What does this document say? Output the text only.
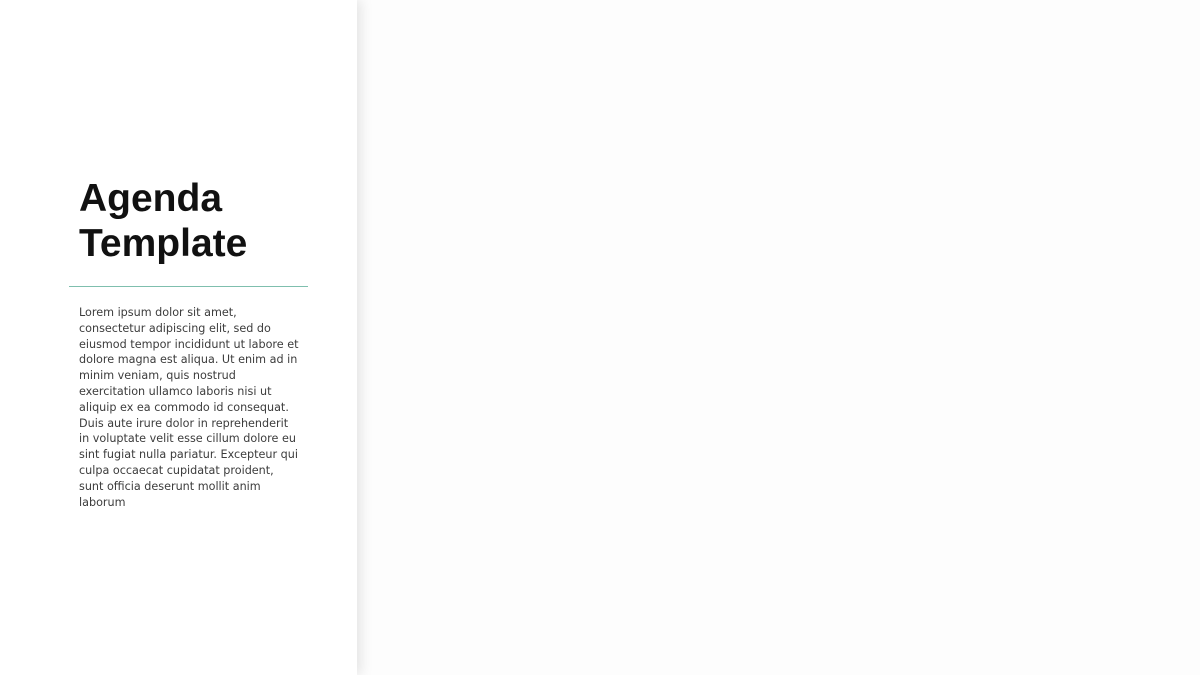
Agenda
Template

Lorem ipsum dolor sit amet, consectetur adipiscing elit, sed do eiusmod tempor incididunt ut labore et dolore magna est aliqua. Ut enim ad in minim veniam, quis nostrud exercitation ullamco laboris nisi ut aliquip ex ea commodo id consequat. Duis aute irure dolor in reprehenderit in voluptate velit esse cillum dolore eu sint fugiat nulla pariatur. Excepteur qui culpa occaecat cupidatat proident, sunt officia deserunt mollit anim laborum
